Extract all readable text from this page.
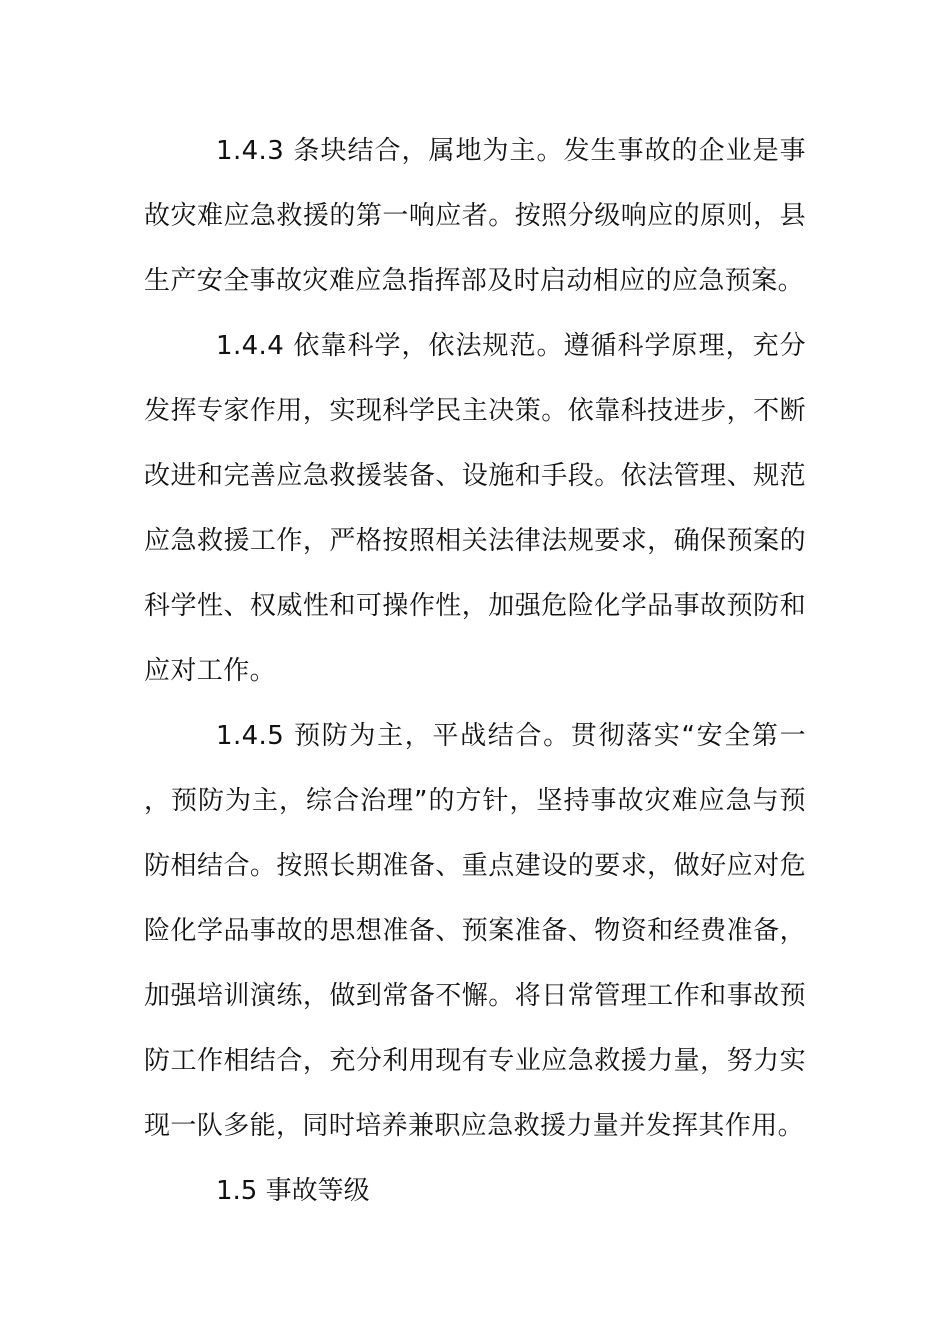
1.4.3 条块结合，属地为主。发生事故的企业是事故灾难应急救援的第一响应者。按照分级响应的原则，县生产安全事故灾难应急指挥部及时启动相应的应急预案。

1.4.4 依靠科学，依法规范。遵循科学原理，充分发挥专家作用，实现科学民主决策。依靠科技进步，不断改进和完善应急救援装备、设施和手段。依法管理、规范应急救援工作，严格按照相关法律法规要求，确保预案的科学性、权威性和可操作性，加强危险化学品事故预防和应对工作。

1.4.5 预防为主，平战结合。贯彻落实“安全第一，预防为主，综合治理”的方针，坚持事故灾难应急与预防相结合。按照长期准备、重点建设的要求，做好应对危险化学品事故的思想准备、预案准备、物资和经费准备，加强培训演练，做到常备不懈。将日常管理工作和事故预防工作相结合，充分利用现有专业应急救援力量，努力实现一队多能，同时培养兼职应急救援力量并发挥其作用。

1.5 事故等级
